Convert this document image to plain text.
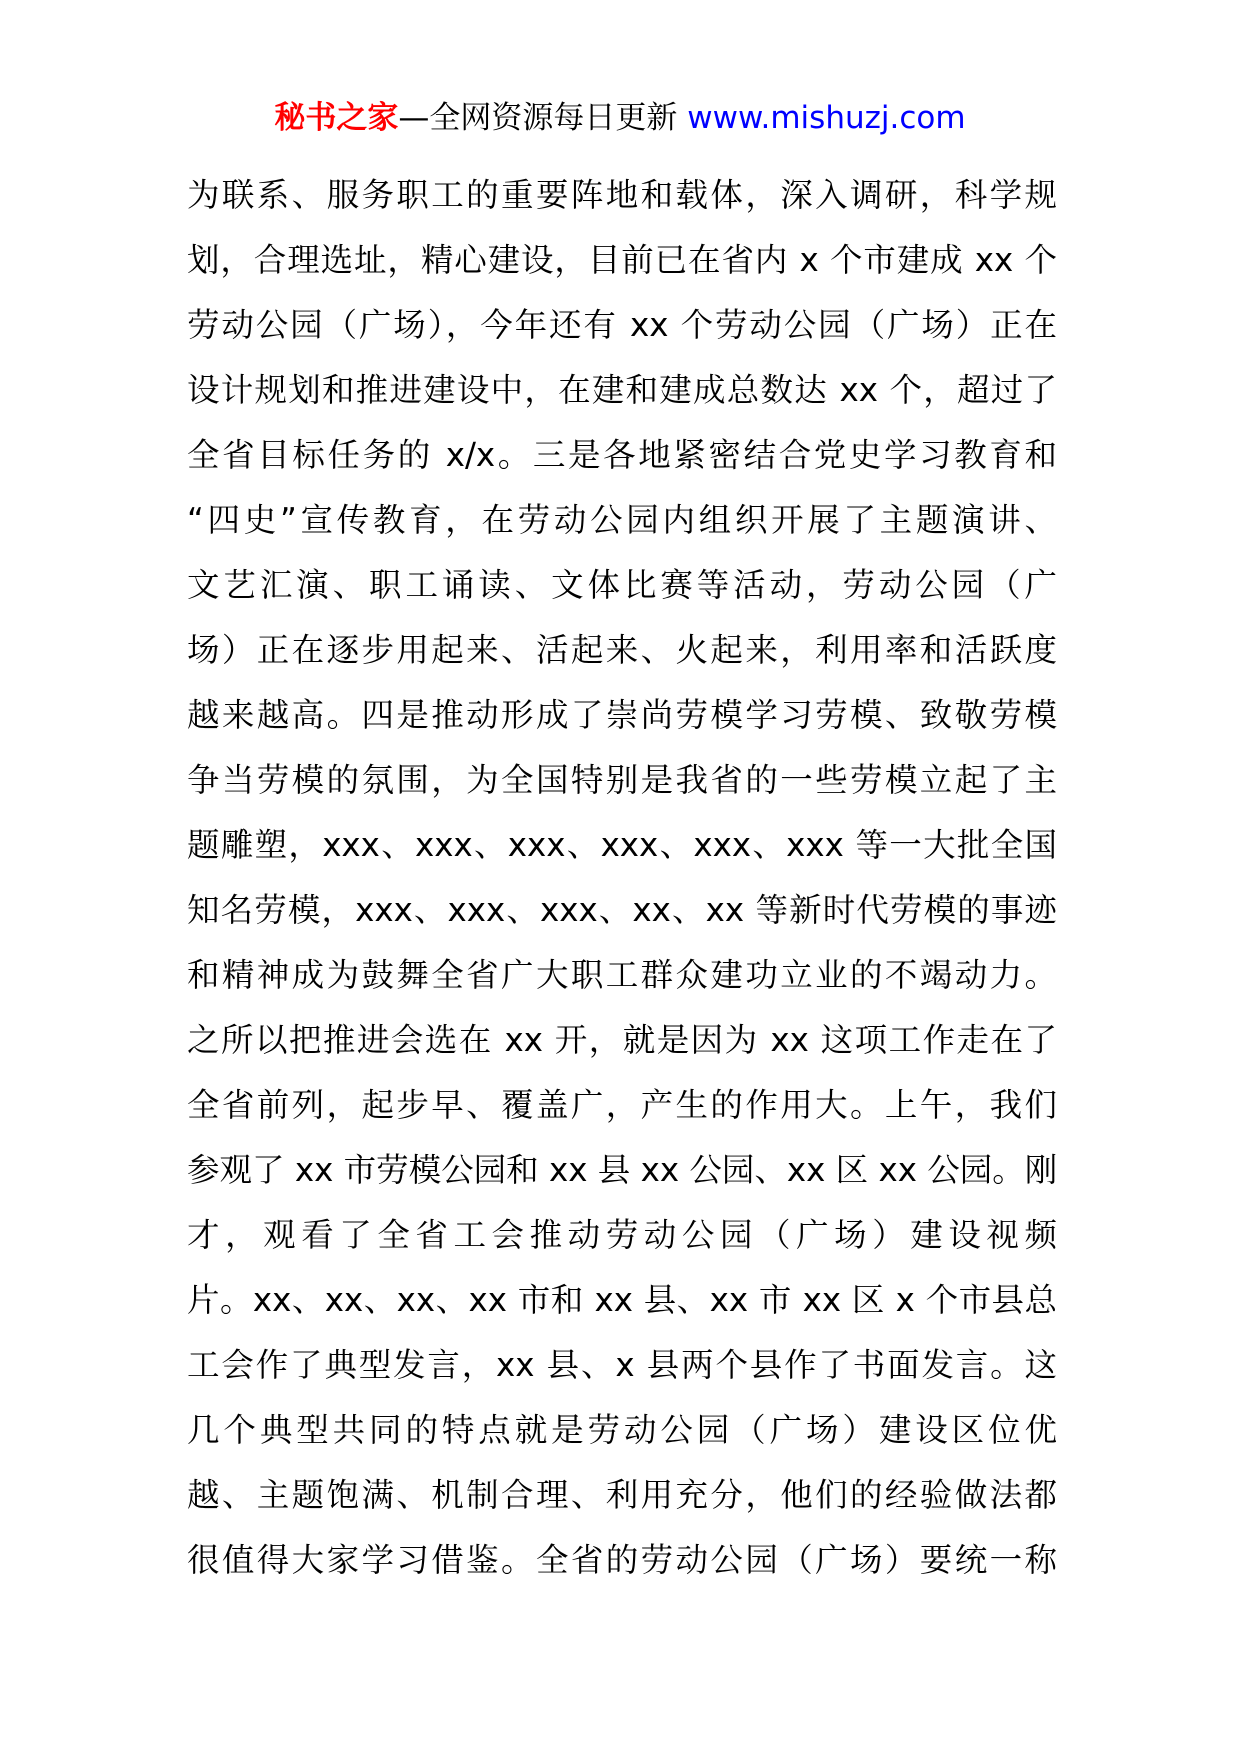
秘书之家—全网资源每日更新 www.mishuzj.com
为联系、服务职工的重要阵地和载体，深入调研，科学规
划，合理选址，精心建设，目前已在省内 x 个市建成 xx 个
劳动公园（广场），今年还有 xx 个劳动公园（广场）正在
设计规划和推进建设中，在建和建成总数达 xx 个，超过了
全省目标任务的 x/x。三是各地紧密结合党史学习教育和
“四史”宣传教育，在劳动公园内组织开展了主题演讲、
文艺汇演、职工诵读、文体比赛等活动，劳动公园（广
场）正在逐步用起来、活起来、火起来，利用率和活跃度
越来越高。四是推动形成了崇尚劳模学习劳模、致敬劳模
争当劳模的氛围，为全国特别是我省的一些劳模立起了主
题雕塑，xxx、xxx、xxx、xxx、xxx、xxx 等一大批全国
知名劳模，xxx、xxx、xxx、xx、xx 等新时代劳模的事迹
和精神成为鼓舞全省广大职工群众建功立业的不竭动力。
之所以把推进会选在 xx 开，就是因为 xx 这项工作走在了
全省前列，起步早、覆盖广，产生的作用大。上午，我们
参观了 xx 市劳模公园和 xx 县 xx 公园、xx 区 xx 公园。刚
才，观看了全省工会推动劳动公园（广场）建设视频
片。xx、xx、xx、xx 市和 xx 县、xx 市 xx 区 x 个市县总
工会作了典型发言，xx 县、x 县两个县作了书面发言。这
几个典型共同的特点就是劳动公园（广场）建设区位优
越、主题饱满、机制合理、利用充分，他们的经验做法都
很值得大家学习借鉴。全省的劳动公园（广场）要统一称
